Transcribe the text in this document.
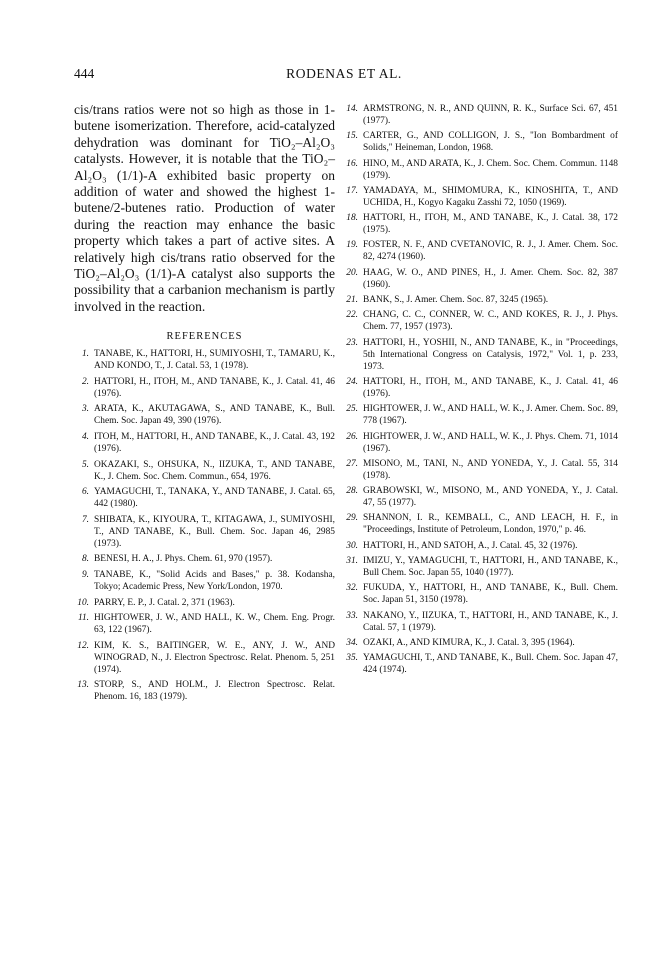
444	RODENAS ET AL.

cis/trans ratios were not so high as those in 1-butene isomerization. Therefore, acid-catalyzed dehydration was dominant for TiO₂–Al₂O₃ catalysts. However, it is notable that the TiO₂–Al₂O₃ (1/1)-A exhibited basic property on addition of water and showed the highest 1-butene/2-butenes ratio. Production of water during the reaction may enhance the basic property which takes a part of active sites. A relatively high cis/trans ratio observed for the TiO₂–Al₂O₃ (1/1)-A catalyst also supports the possibility that a carbanion mechanism is partly involved in the reaction.

REFERENCES
1. TANABE, K., HATTORI, H., SUMIYOSHI, T., TAMARU, K., AND KONDO, T., J. Catal. 53, 1 (1978).
2. HATTORI, H., ITOH, M., AND TANABE, K., J. Catal. 41, 46 (1976).
3. ARATA, K., AKUTAGAWA, S., AND TANABE, K., Bull. Chem. Soc. Japan 49, 390 (1976).
4. ITOH, M., HATTORI, H., AND TANABE, K., J. Catal. 43, 192 (1976).
5. OKAZAKI, S., OHSUKA, N., IIZUKA, T., AND TANABE, K., J. Chem. Soc. Chem. Commun., 654, 1976.
6. YAMAGUCHI, T., TANAKA, Y., AND TANABE, J. Catal. 65, 442 (1980).
7. SHIBATA, K., KIYOURA, T., KITAGAWA, J., SUMIYOSHI, T., AND TANABE, K., Bull. Chem. Soc. Japan 46, 2985 (1973).
8. BENESI, H. A., J. Phys. Chem. 61, 970 (1957).
9. TANABE, K., "Solid Acids and Bases," p. 38. Kodansha, Tokyo; Academic Press, New York/London, 1970.
10. PARRY, E. P., J. Catal. 2, 371 (1963).
11. HIGHTOWER, J. W., AND HALL, K. W., Chem. Eng. Progr. 63, 122 (1967).
12. KIM, K. S., BAITINGER, W. E., ANY, J. W., AND WINOGRAD, N., J. Electron Spectrosc. Relat. Phenom. 5, 251 (1974).
13. STORP, S., AND HOLM., J. Electron Spectrosc. Relat. Phenom. 16, 183 (1979).
14. ARMSTRONG, N. R., AND QUINN, R. K., Surface Sci. 67, 451 (1977).
15. CARTER, G., AND COLLIGON, J. S., "Ion Bombardment of Solids," Heineman, London, 1968.
16. HINO, M., AND ARATA, K., J. Chem. Soc. Chem. Commun. 1148 (1979).
17. YAMADAYA, M., SHIMOMURA, K., KINOSHITA, T., AND UCHIDA, H., Kogyo Kagaku Zasshi 72, 1050 (1969).
18. HATTORI, H., ITOH, M., AND TANABE, K., J. Catal. 38, 172 (1975).
19. FOSTER, N. F., AND CVETANOVIC, R. J., J. Amer. Chem. Soc. 82, 4274 (1960).
20. HAAG, W. O., AND PINES, H., J. Amer. Chem. Soc. 82, 387 (1960).
21. BANK, S., J. Amer. Chem. Soc. 87, 3245 (1965).
22. CHANG, C. C., CONNER, W. C., AND KOKES, R. J., J. Phys. Chem. 77, 1957 (1973).
23. HATTORI, H., YOSHII, N., AND TANABE, K., in "Proceedings, 5th International Congress on Catalysis, 1972," Vol. 1, p. 233, 1973.
24. HATTORI, H., ITOH, M., AND TANABE, K., J. Catal. 41, 46 (1976).
25. HIGHTOWER, J. W., AND HALL, W. K., J. Amer. Chem. Soc. 89, 778 (1967).
26. HIGHTOWER, J. W., AND HALL, W. K., J. Phys. Chem. 71, 1014 (1967).
27. MISONO, M., TANI, N., AND YONEDA, Y., J. Catal. 55, 314 (1978).
28. GRABOWSKI, W., MISONO, M., AND YONEDA, Y., J. Catal. 47, 55 (1977).
29. SHANNON, I. R., KEMBALL, C., AND LEACH, H. F., in "Proceedings, Institute of Petroleum, London, 1970," p. 46.
30. HATTORI, H., AND SATOH, A., J. Catal. 45, 32 (1976).
31. IMIZU, Y., YAMAGUCHI, T., HATTORI, H., AND TANABE, K., Bull Chem. Soc. Japan 55, 1040 (1977).
32. FUKUDA, Y., HATTORI, H., AND TANABE, K., Bull. Chem. Soc. Japan 51, 3150 (1978).
33. NAKANO, Y., IIZUKA, T., HATTORI, H., AND TANABE, K., J. Catal. 57, 1 (1979).
34. OZAKI, A., AND KIMURA, K., J. Catal. 3, 395 (1964).
35. YAMAGUCHI, T., AND TANABE, K., Bull. Chem. Soc. Japan 47, 424 (1974).
